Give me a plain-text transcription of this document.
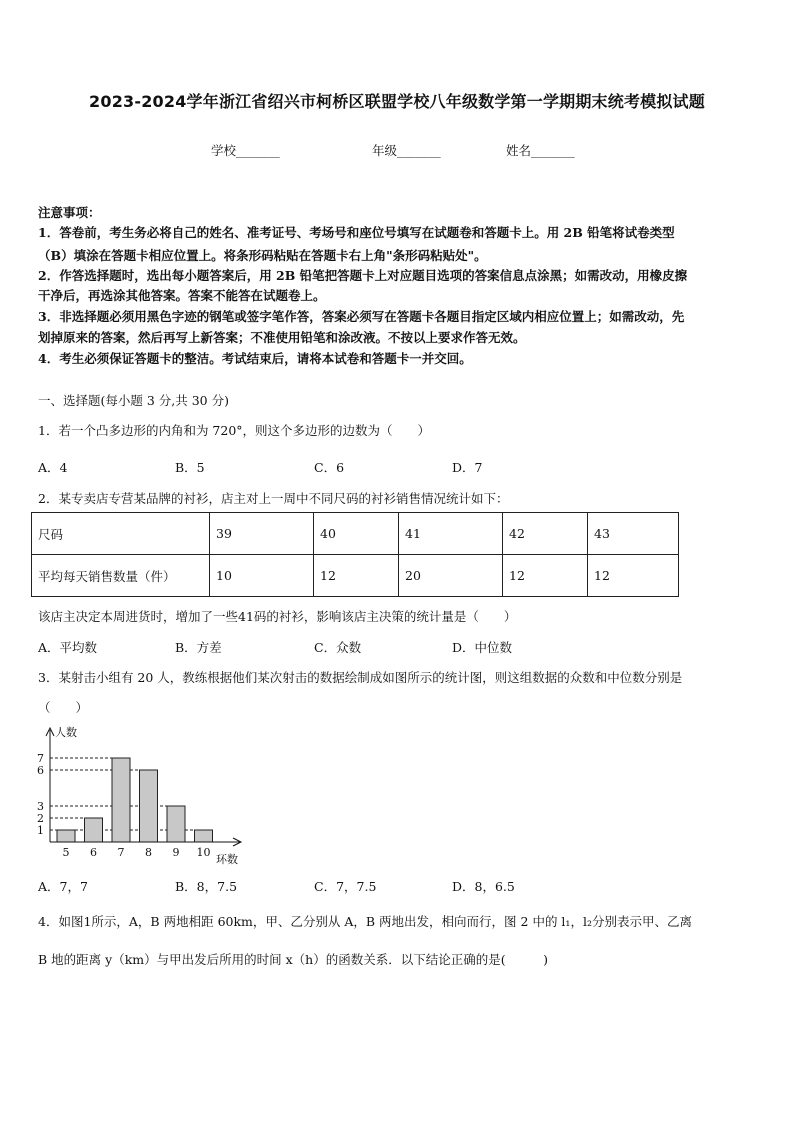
2023-2024学年浙江省绍兴市柯桥区联盟学校八年级数学第一学期期末统考模拟试题
学校_______	年级_______	姓名_______
注意事项：
1．答卷前，考生务必将自己的姓名、准考证号、考场号和座位号填写在试题卷和答题卡上。用 2B 铅笔将试卷类型
（B）填涂在答题卡相应位置上。将条形码粘贴在答题卡右上角"条形码粘贴处"。
2．作答选择题时，选出每小题答案后，用 2B 铅笔把答题卡上对应题目选项的答案信息点涂黑；如需改动，用橡皮擦
干净后，再选涂其他答案。答案不能答在试题卷上。
3．非选择题必须用黑色字迹的钢笔或签字笔作答，答案必须写在答题卡各题目指定区域内相应位置上；如需改动，先
划掉原来的答案，然后再写上新答案；不准使用铅笔和涂改液。不按以上要求作答无效。
4．考生必须保证答题卡的整洁。考试结束后，请将本试卷和答题卡一并交回。
一、选择题(每小题 3 分,共 30 分)
1．若一个凸多边形的内角和为 720°，则这个多边形的边数为（　　）
A．4	B．5	C．6	D．7
2．某专卖店专营某品牌的衬衫，店主对上一周中不同尺码的衬衫销售情况统计如下：
尺码	39	40	41	42	43
平均每天销售数量（件）	10	12	20	12	12
该店主决定本周进货时，增加了一些41码的衬衫，影响该店主决策的统计量是（　　）
A．平均数	B．方差	C．众数	D．中位数
3．某射击小组有 20 人，教练根据他们某次射击的数据绘制成如图所示的统计图，则这组数据的众数和中位数分别是
（　　）
人数
环数
1
2
3
6
7
5 6 7 8 9 10
A．7，7	B．8，7.5	C．7，7.5	D．8，6.5
4．如图1所示，A，B 两地相距 60km，甲、乙分别从 A，B 两地出发，相向而行，图 2 中的 l₁，l₂分别表示甲、乙离
B 地的距离 y（km）与甲出发后所用的时间 x（h）的函数关系．以下结论正确的是(　　　)
